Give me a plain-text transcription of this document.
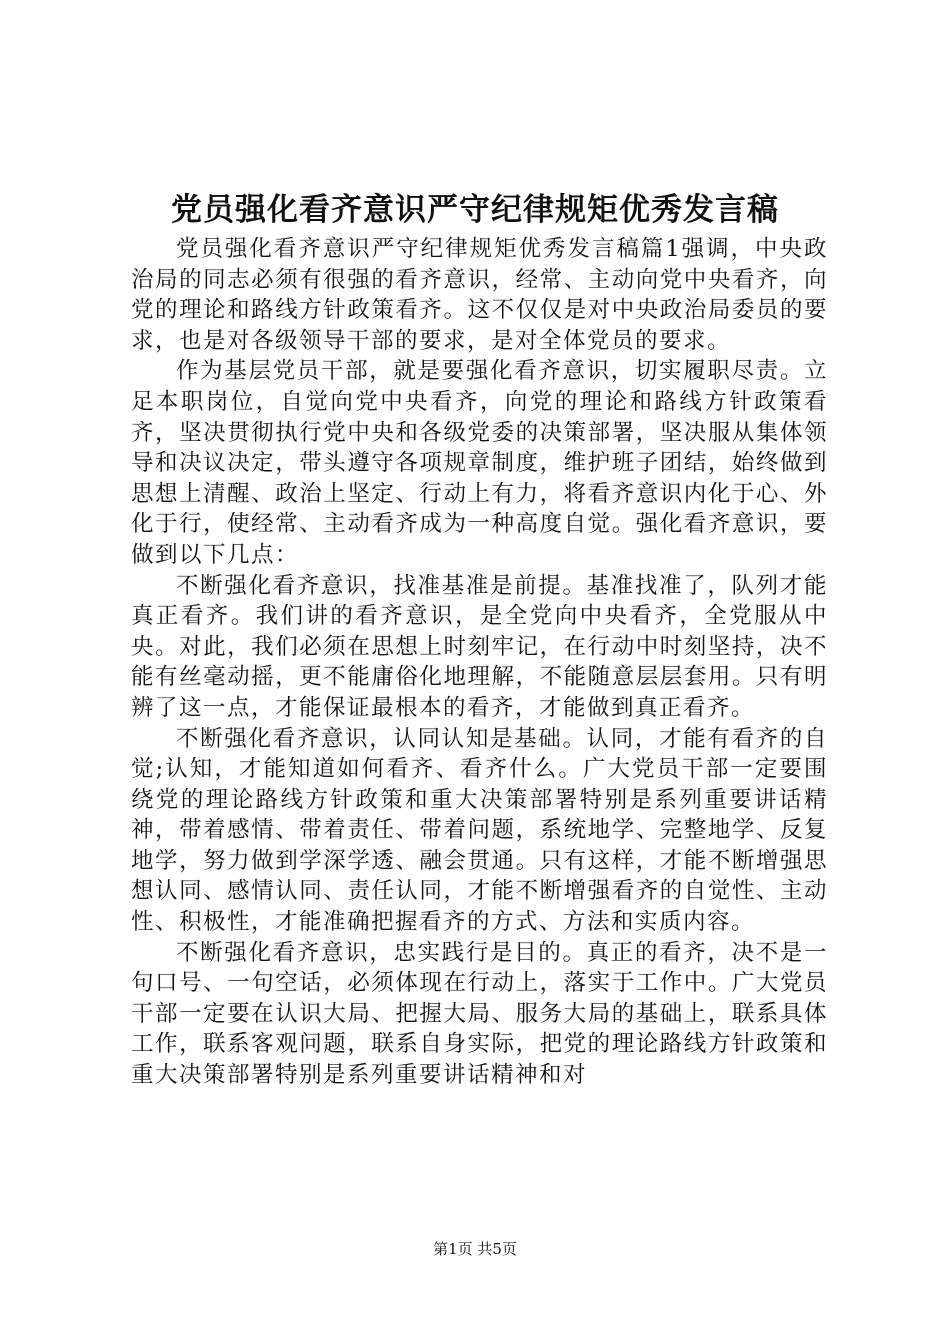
党员强化看齐意识严守纪律规矩优秀发言稿

党员强化看齐意识严守纪律规矩优秀发言稿篇1强调，中央政治局的同志必须有很强的看齐意识，经常、主动向党中央看齐，向党的理论和路线方针政策看齐。这不仅仅是对中央政治局委员的要求，也是对各级领导干部的要求，是对全体党员的要求。

作为基层党员干部，就是要强化看齐意识，切实履职尽责。立足本职岗位，自觉向党中央看齐，向党的理论和路线方针政策看齐，坚决贯彻执行党中央和各级党委的决策部署，坚决服从集体领导和决议决定，带头遵守各项规章制度，维护班子团结，始终做到思想上清醒、政治上坚定、行动上有力，将看齐意识内化于心、外化于行，使经常、主动看齐成为一种高度自觉。强化看齐意识，要做到以下几点：

不断强化看齐意识，找准基准是前提。基准找准了，队列才能真正看齐。我们讲的看齐意识，是全党向中央看齐，全党服从中央。对此，我们必须在思想上时刻牢记，在行动中时刻坚持，决不能有丝毫动摇，更不能庸俗化地理解，不能随意层层套用。只有明辨了这一点，才能保证最根本的看齐，才能做到真正看齐。

不断强化看齐意识，认同认知是基础。认同，才能有看齐的自觉;认知，才能知道如何看齐、看齐什么。广大党员干部一定要围绕党的理论路线方针政策和重大决策部署特别是系列重要讲话精神，带着感情、带着责任、带着问题，系统地学、完整地学、反复地学，努力做到学深学透、融会贯通。只有这样，才能不断增强思想认同、感情认同、责任认同，才能不断增强看齐的自觉性、主动性、积极性，才能准确把握看齐的方式、方法和实质内容。

不断强化看齐意识，忠实践行是目的。真正的看齐，决不是一句口号、一句空话，必须体现在行动上，落实于工作中。广大党员干部一定要在认识大局、把握大局、服务大局的基础上，联系具体工作，联系客观问题，联系自身实际，把党的理论路线方针政策和重大决策部署特别是系列重要讲话精神和对

第1页 共5页
